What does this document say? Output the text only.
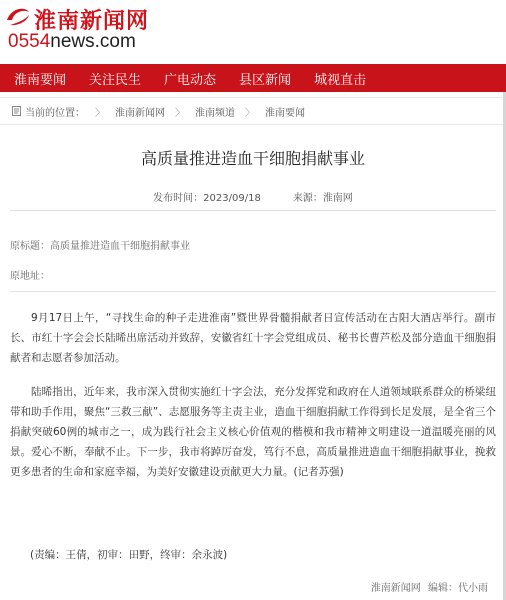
淮南新闻网
0554news.com
淮南要闻	关注民生	广电动态	县区新闻	城视直击
当前的位置： 〉 淮南新闻网 〉 淮南频道 〉 淮南要闻
高质量推进造血干细胞捐献事业
发布时间：2023/09/18	来源：淮南网
原标题：高质量推进造血干细胞捐献事业
原地址：
9月17日上午，“寻找生命的种子走进淮南”暨世界骨髓捐献者日宣传活动在古阳大酒店举行。副市长、市红十字会会长陆晞出席活动并致辞，安徽省红十字会党组成员、秘书长曹芦松及部分造血干细胞捐献者和志愿者参加活动。
陆晞指出，近年来，我市深入贯彻实施红十字会法，充分发挥党和政府在人道领域联系群众的桥梁纽带和助手作用，聚焦“三救三献”、志愿服务等主责主业，造血干细胞捐献工作得到长足发展，是全省三个捐献突破60例的城市之一，成为践行社会主义核心价值观的楷模和我市精神文明建设一道温暖亮丽的风景。爱心不断，奉献不止。下一步，我市将踔厉奋发，笃行不息，高质量推进造血干细胞捐献事业，挽救更多患者的生命和家庭幸福，为美好安徽建设贡献更大力量。(记者苏强)
(责编：王倩，初审：田野，终审：余永波)
淮南新闻网 编辑：代小雨
